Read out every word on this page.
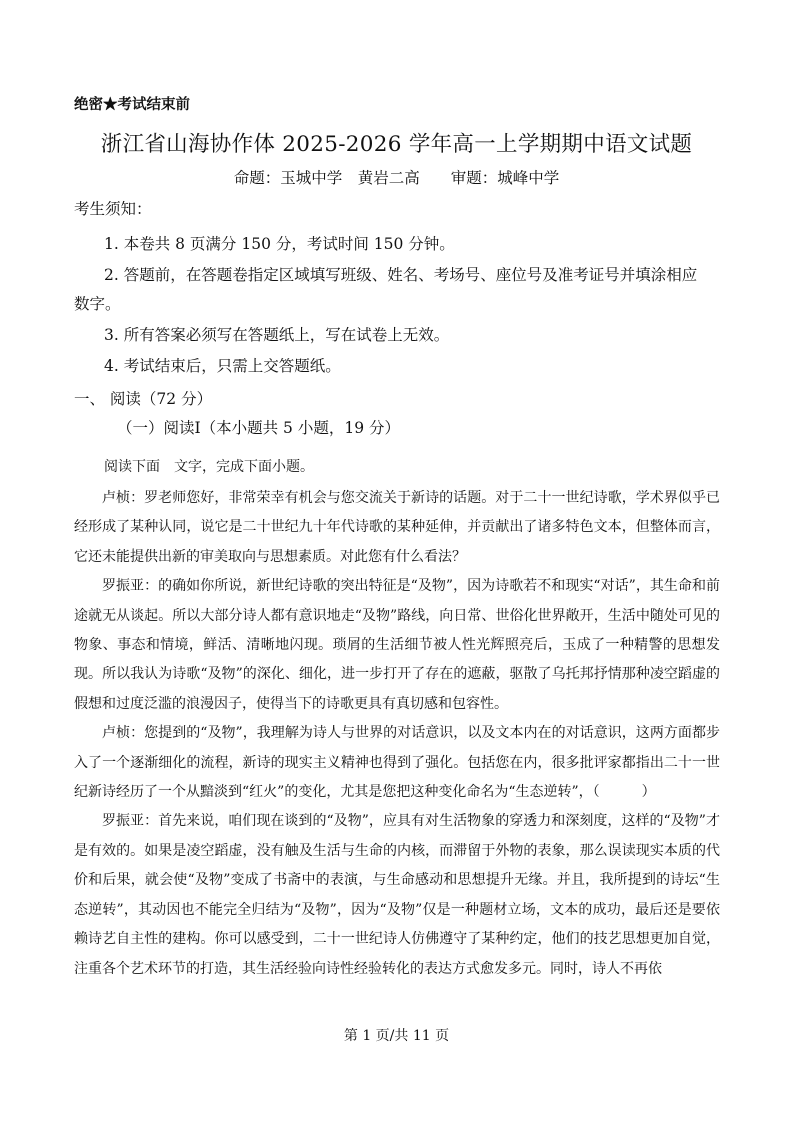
绝密★考试结束前
浙江省山海协作体 2025-2026 学年高一上学期期中语文试题
命题：玉城中学　黄岩二高　　审题：城峰中学
考生须知：
1. 本卷共 8 页满分 150 分，考试时间 150 分钟。
2. 答题前，在答题卷指定区域填写班级、姓名、考场号、座位号及准考证号并填涂相应
数字。
3. 所有答案必须写在答题纸上，写在试卷上无效。
4. 考试结束后，只需上交答题纸。
一、 阅读（72 分）
（一）阅读Ⅰ（本小题共 5 小题，19 分）
阅读下面　文字，完成下面小题。

卢桢：罗老师您好，非常荣幸有机会与您交流关于新诗的话题。对于二十一世纪诗歌，学术界似乎已经形成了某种认同，说它是二十世纪九十年代诗歌的某种延伸，并贡献出了诸多特色文本，但整体而言，它还未能提供出新的审美取向与思想素质。对此您有什么看法？

罗振亚：的确如你所说，新世纪诗歌的突出特征是“及物”，因为诗歌若不和现实“对话”，其生命和前途就无从谈起。所以大部分诗人都有意识地走“及物”路线，向日常、世俗化世界敞开，生活中随处可见的物象、事态和情境，鲜活、清晰地闪现。琐屑的生活细节被人性光辉照亮后，玉成了一种精警的思想发现。所以我认为诗歌“及物”的深化、细化，进一步打开了存在的遮蔽，驱散了乌托邦抒情那种凌空蹈虚的假想和过度泛滥的浪漫因子，使得当下的诗歌更具有真切感和包容性。

卢桢：您提到的“及物”，我理解为诗人与世界的对话意识，以及文本内在的对话意识，这两方面都步入了一个逐渐细化的流程，新诗的现实主义精神也得到了强化。包括您在内，很多批评家都指出二十一世纪新诗经历了一个从黯淡到“红火”的变化，尤其是您把这种变化命名为“生态逆转”，（	）

罗振亚：首先来说，咱们现在谈到的“及物”，应具有对生活物象的穿透力和深刻度，这样的“及物”才是有效的。如果是凌空蹈虚，没有触及生活与生命的内核，而滞留于外物的表象，那么误读现实本质的代价和后果，就会使“及物”变成了书斋中的表演，与生命感动和思想提升无缘。并且，我所提到的诗坛“生态逆转”，其动因也不能完全归结为“及物”，因为“及物”仅是一种题材立场，文本的成功，最后还是要依赖诗艺自主性的建构。你可以感受到，二十一世纪诗人仿佛遵守了某种约定，他们的技艺思想更加自觉，注重各个艺术环节的打造，其生活经验向诗性经验转化的表达方式愈发多元。同时，诗人不再依

第 1 页/共 11 页
